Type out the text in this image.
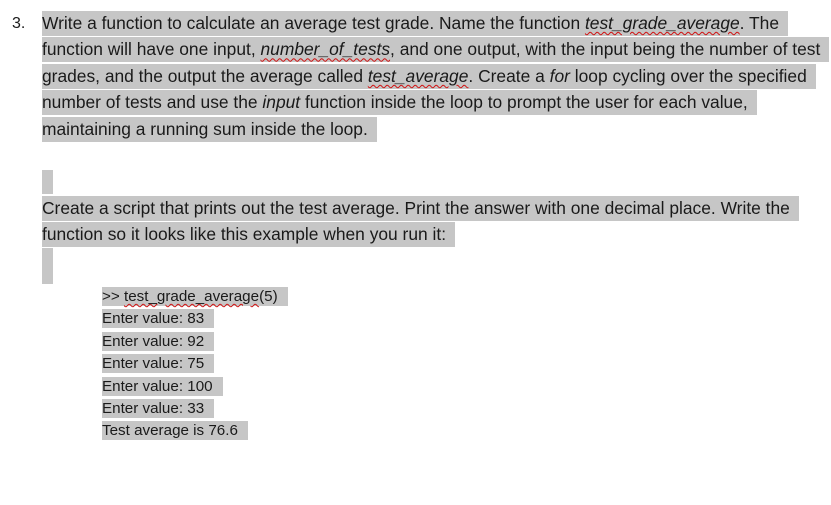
3. Write a function to calculate an average test grade. Name the function test_grade_average. The function will have one input, number_of_tests, and one output, with the input being the number of test grades, and the output the average called test_average. Create a for loop cycling over the specified number of tests and use the input function inside the loop to prompt the user for each value, maintaining a running sum inside the loop.
Create a script that prints out the test average. Print the answer with one decimal place. Write the function so it looks like this example when you run it:
>> test_grade_average(5)
Enter value: 83
Enter value: 92
Enter value: 75
Enter value: 100
Enter value: 33
Test average is 76.6
